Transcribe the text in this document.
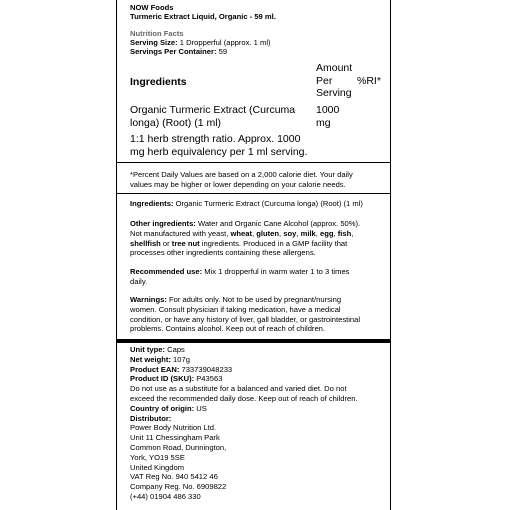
NOW Foods
Turmeric Extract Liquid, Organic - 59 ml.
Nutrition Facts
Serving Size: 1 Dropperful (approx. 1 ml)
Servings Per Container: 59
Ingredients
Amount
Per
Serving
%RI*
Organic Turmeric Extract (Curcuma
longa) (Root) (1 ml)
1000
mg
1:1 herb strength ratio. Approx. 1000
mg herb equivalency per 1 ml serving.
*Percent Daily Values are based on a 2,000 calorie diet. Your daily
values may be higher or lower depending on your calorie needs.
Ingredients: Organic Turmeric Extract (Curcuma longa) (Root) (1 ml)
Other ingredients: Water and Organic Cane Alcohol (approx. 50%).
Not manufactured with yeast, wheat, gluten, soy, milk, egg, fish,
shellfish or tree nut ingredients. Produced in a GMP facility that
processes other ingredients containing these allergens.
Recommended use: Mix 1 dropperful in warm water 1 to 3 times
daily.
Warnings: For adults only. Not to be used by pregnant/nursing
women. Consult physician if taking medication, have a medical
condition, or have any history of liver, gall bladder, or gastrointestinal
problems. Contains alcohol. Keep out of reach of children.
Unit type: Caps
Net weight: 107g
Product EAN: 733739048233
Product ID (SKU): P43563
Do not use as a substitute for a balanced and varied diet. Do not
exceed the recommended daily dose. Keep out of reach of children.
Country of origin: US
Distributor:
Power Body Nutrition Ltd.
Unit 11 Chessingham Park
Common Road, Dunnington,
York, YO19 5SE
United Kingdom
VAT Reg No. 940 5412 46
Company Reg. No. 6909822
(+44) 01904 486 330
